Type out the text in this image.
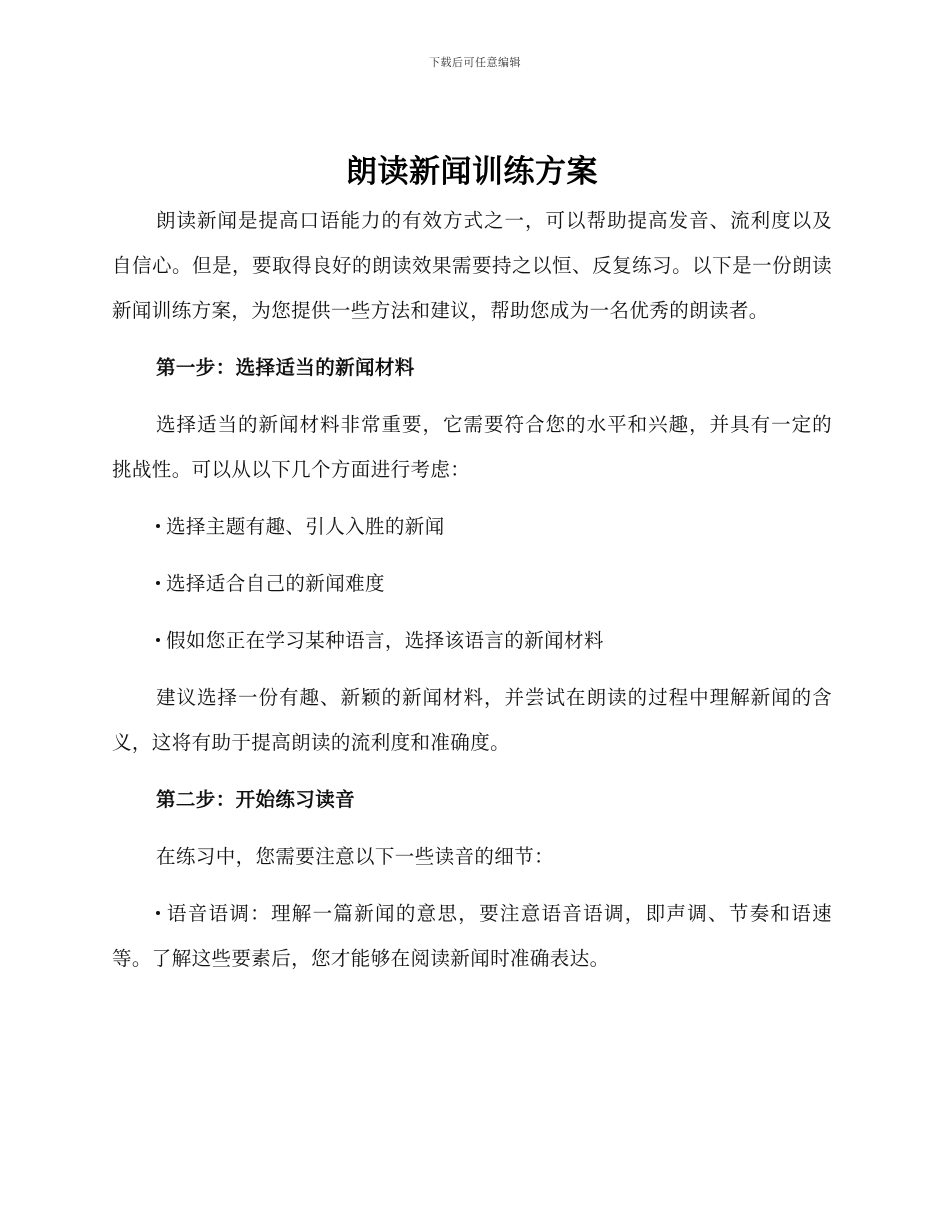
下载后可任意编辑
朗读新闻训练方案

朗读新闻是提高口语能力的有效方式之一，可以帮助提高发音、流利度以及自信心。但是，要取得良好的朗读效果需要持之以恒、反复练习。以下是一份朗读新闻训练方案，为您提供一些方法和建议，帮助您成为一名优秀的朗读者。

第一步：选择适当的新闻材料

选择适当的新闻材料非常重要，它需要符合您的水平和兴趣，并具有一定的挑战性。可以从以下几个方面进行考虑：

选择主题有趣、引人入胜的新闻

选择适合自己的新闻难度

假如您正在学习某种语言，选择该语言的新闻材料

建议选择一份有趣、新颖的新闻材料，并尝试在朗读的过程中理解新闻的含义，这将有助于提高朗读的流利度和准确度。

第二步：开始练习读音

在练习中，您需要注意以下一些读音的细节：

语音语调：理解一篇新闻的意思，要注意语音语调，即声调、节奏和语速等。了解这些要素后，您才能够在阅读新闻时准确表达。
